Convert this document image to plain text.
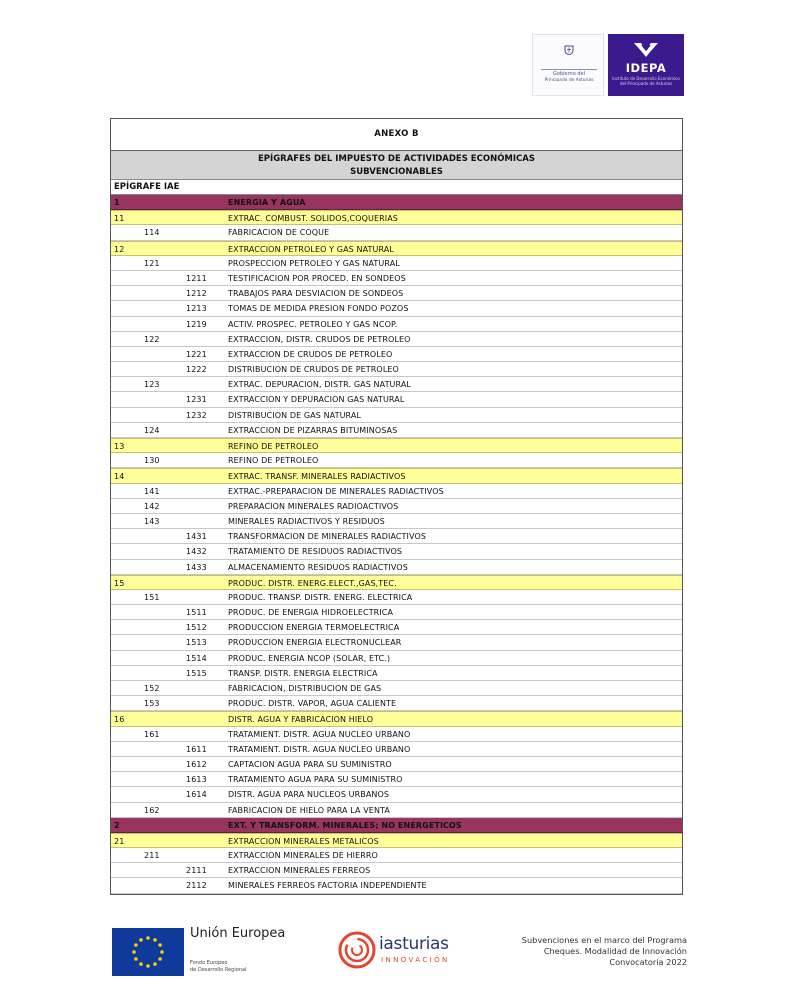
Gobierno del
Principado de Asturias
IDEPA
Instituto de Desarrollo Económico del Principado de Asturias
ANEXO B
EPÍGRAFES DEL IMPUESTO DE ACTIVIDADES ECONÓMICAS
SUBVENCIONABLES
EPÍGRAFE IAE
1	ENERGIA Y AGUA
11	EXTRAC. COMBUST. SOLIDOS,COQUERIAS
114	FABRICACION DE COQUE
12	EXTRACCION PETROLEO Y GAS NATURAL
121	PROSPECCION PETROLEO Y GAS NATURAL
1211	TESTIFICACION POR PROCED. EN SONDEOS
1212	TRABAJOS PARA DESVIACION DE SONDEOS
1213	TOMAS DE MEDIDA PRESION FONDO POZOS
1219	ACTIV. PROSPEC. PETROLEO Y GAS NCOP.
122	EXTRACCION, DISTR. CRUDOS DE PETROLEO
1221	EXTRACCION DE CRUDOS DE PETROLEO
1222	DISTRIBUCION DE CRUDOS DE PETROLEO
123	EXTRAC. DEPURACION, DISTR. GAS NATURAL
1231	EXTRACCION Y DEPURACION GAS NATURAL
1232	DISTRIBUCION DE GAS NATURAL
124	EXTRACCION DE PIZARRAS BITUMINOSAS
13	REFINO DE PETROLEO
130	REFINO DE PETROLEO
14	EXTRAC. TRANSF. MINERALES RADIACTIVOS
141	EXTRAC.-PREPARACION DE MINERALES RADIACTIVOS
142	PREPARACION MINERALES RADIOACTIVOS
143	MINERALES RADIACTIVOS Y RESIDUOS
1431	TRANSFORMACION DE MINERALES RADIACTIVOS
1432	TRATAMIENTO DE RESIDUOS RADIACTIVOS
1433	ALMACENAMIENTO RESIDUOS RADIACTIVOS
15	PRODUC. DISTR. ENERG.ELECT.,GAS,TEC.
151	PRODUC. TRANSP. DISTR. ENERG. ELECTRICA
1511	PRODUC. DE ENERGIA HIDROELECTRICA
1512	PRODUCCION ENERGIA TERMOELECTRICA
1513	PRODUCCION ENERGIA ELECTRONUCLEAR
1514	PRODUC. ENERGIA NCOP (SOLAR, ETC.)
1515	TRANSP. DISTR. ENERGIA ELECTRICA
152	FABRICACION, DISTRIBUCION DE GAS
153	PRODUC. DISTR. VAPOR, AGUA CALIENTE
16	DISTR. AGUA Y FABRICACION HIELO
161	TRATAMIENT. DISTR. AGUA NUCLEO URBANO
1611	TRATAMIENT. DISTR. AGUA NUCLEO URBANO
1612	CAPTACION AGUA PARA SU SUMINISTRO
1613	TRATAMIENTO AGUA PARA SU SUMINISTRO
1614	DISTR. AGUA PARA NUCLEOS URBANOS
162	FABRICACION DE HIELO PARA LA VENTA
2	EXT. Y TRANSFORM. MINERALES; NO ENERGETICOS
21	EXTRACCION MINERALES METALICOS
211	EXTRACCION MINERALES DE HIERRO
2111	EXTRACCION MINERALES FERREOS
2112	MINERALES FERREOS FACTORIA INDEPENDIENTE
Unión Europea
Fondo Europeo
de Desarrollo Regional
iasturias
INNOVACIÓN
Subvenciones en el marco del Programa
Cheques. Modalidad de Innovación
Convocatoria 2022
